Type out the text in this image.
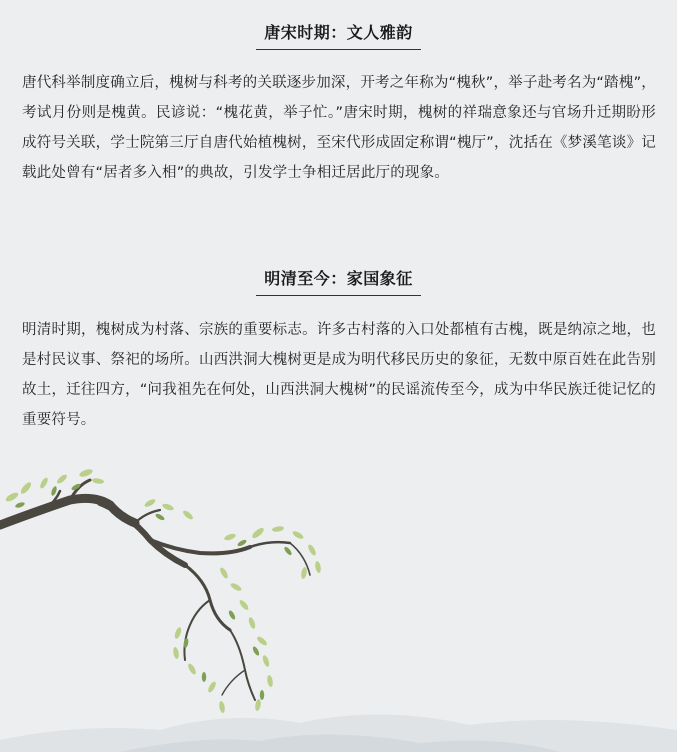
唐宋时期：文人雅韵

唐代科举制度确立后，槐树与科考的关联逐步加深，开考之年称为“槐秋”，举子赴考名为“踏槐”，考试月份则是槐黄。民谚说：“槐花黄，举子忙。”唐宋时期，槐树的祥瑞意象还与官场升迁期盼形成符号关联，学士院第三厅自唐代始植槐树，至宋代形成固定称谓“槐厅”，沈括在《梦溪笔谈》记载此处曾有“居者多入相”的典故，引发学士争相迁居此厅的现象。

明清至今：家国象征

明清时期，槐树成为村落、宗族的重要标志。许多古村落的入口处都植有古槐，既是纳凉之地，也是村民议事、祭祀的场所。山西洪洞大槐树更是成为明代移民历史的象征，无数中原百姓在此告别故土，迁往四方，“问我祖先在何处，山西洪洞大槐树”的民谣流传至今，成为中华民族迁徙记忆的重要符号。
